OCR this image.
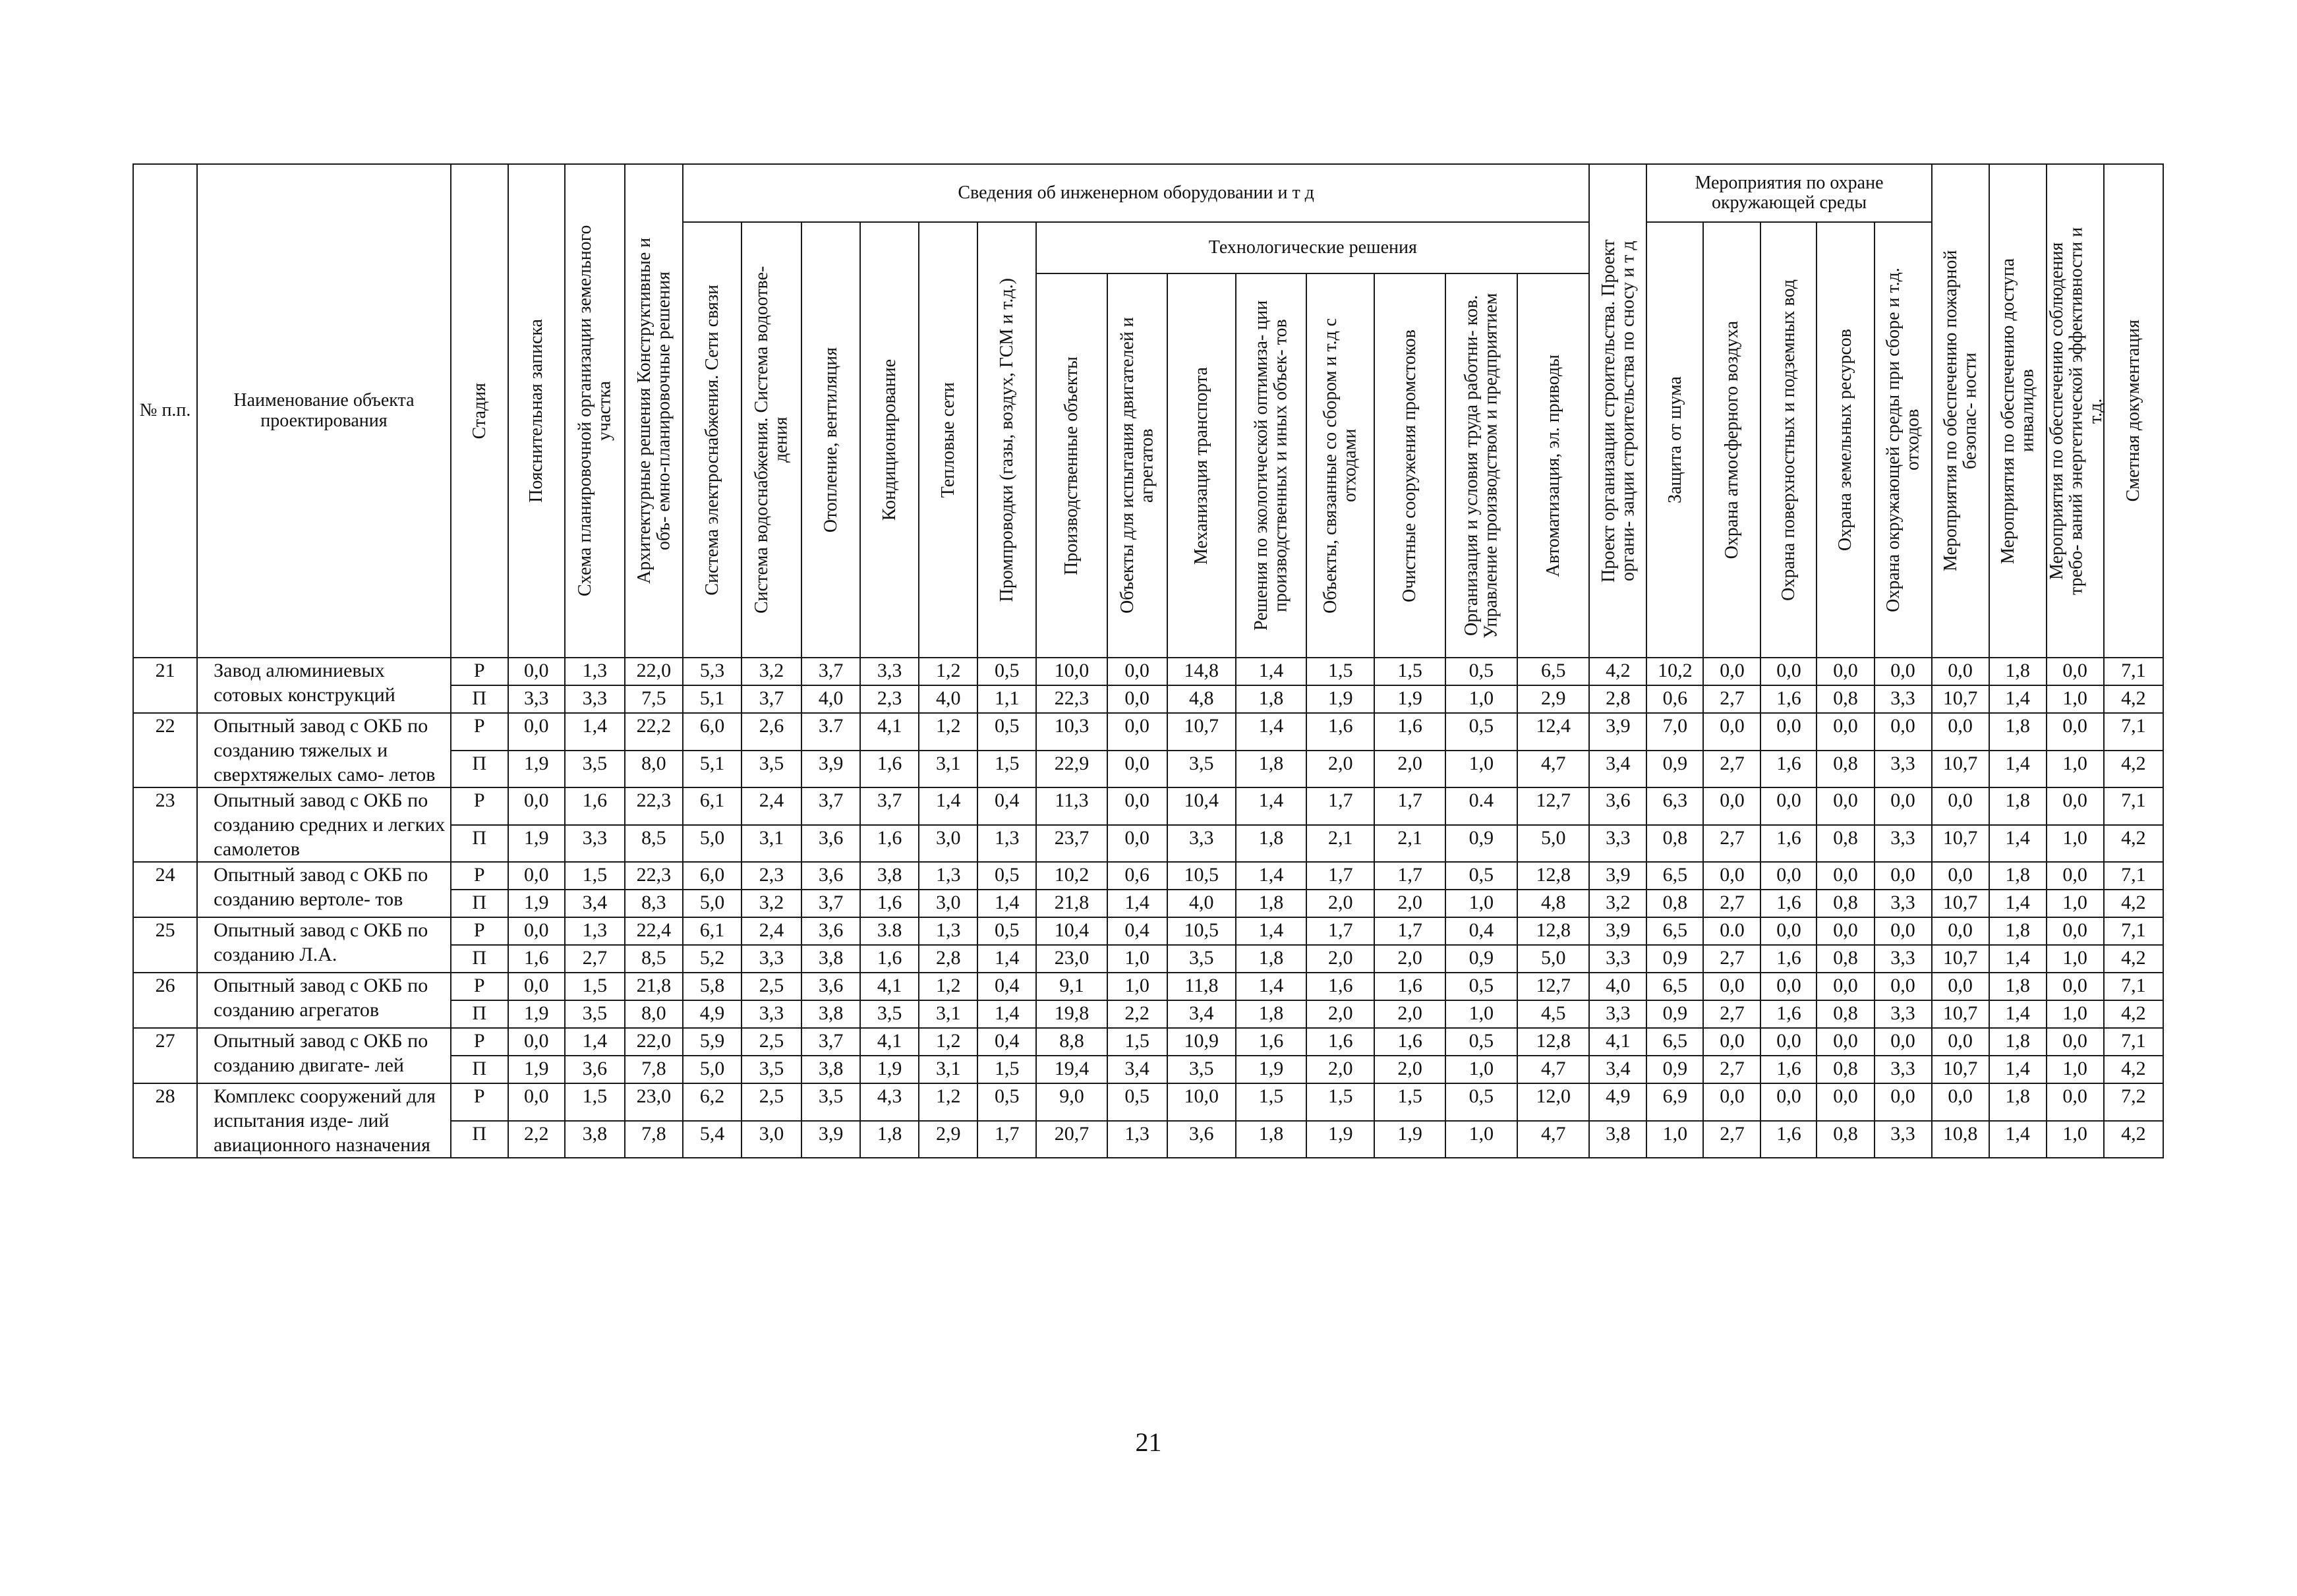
№ п.п.	Наименование объекта проектирования	Стадия	Пояснительная записка	Схема планировочной организации земельного участка	Архитектурные решения Конструктивные и объ- емно-планировочные решения	Сведения об инженерном оборудовании и т д														Проект организации строительства. Проект органи- зации строительства по сносу и т д	Мероприятия по охране окружающей среды					Мероприятия по обеспечению пожарной безопас- ности	Мероприятия по обеспечению доступа инвалидов	Мероприятия по обеспечению соблюдения требо- ваний энергетической эффективности и т.д.	Сметная документация

						Система электроснабжения. Сети связи	Система водоснабжения. Система водоотве- дения	Отопление, вентиляция	Кондиционирование	Тепловые сети	Промпроводки (газы, воздух, ГСМ и т.д.)	Технологические решения									Защита от шума	Охрана атмосферного воздуха	Охрана поверхностных и подземных вод	Охрана земельных ресурсов	Охрана окружающей среды при сборе и т.д. отходов				

												Производственные объекты	Объекты для испытания двигателей и агрегатов	Механизация транспорта	Решения по экологической оптимиза- ции производственных и иных объек- тов	Объекты, связанные со сбором и т.д с отходами	Очистные сооружения промстоков	Организация и условия труда работни- ков. Управление производством и предприятием	Автоматизация, эл. приводы										

21	Завод алюминиевых сотовых конструкций	Р	0,0	1,3	22,0	5,3	3,2	3,7	3,3	1,2	0,5	10,0	0,0	14,8	1,4	1,5	1,5	0,5	6,5	4,2	10,2	0,0	0,0	0,0	0,0	0,0	1,8	0,0	7,1
		П	3,3	3,3	7,5	5,1	3,7	4,0	2,3	4,0	1,1	22,3	0,0	4,8	1,8	1,9	1,9	1,0	2,9	2,8	0,6	2,7	1,6	0,8	3,3	10,7	1,4	1,0	4,2
22	Опытный завод с ОКБ по созданию тяжелых и сверхтяжелых само- летов	Р	0,0	1,4	22,2	6,0	2,6	3.7	4,1	1,2	0,5	10,3	0,0	10,7	1,4	1,6	1,6	0,5	12,4	3,9	7,0	0,0	0,0	0,0	0,0	0,0	1,8	0,0	7,1
		П	1,9	3,5	8,0	5,1	3,5	3,9	1,6	3,1	1,5	22,9	0,0	3,5	1,8	2,0	2,0	1,0	4,7	3,4	0,9	2,7	1,6	0,8	3,3	10,7	1,4	1,0	4,2
23	Опытный завод с ОКБ по созданию средних и легких самолетов	Р	0,0	1,6	22,3	6,1	2,4	3,7	3,7	1,4	0,4	11,3	0,0	10,4	1,4	1,7	1,7	0.4	12,7	3,6	6,3	0,0	0,0	0,0	0,0	0,0	1,8	0,0	7,1
		П	1,9	3,3	8,5	5,0	3,1	3,6	1,6	3,0	1,3	23,7	0,0	3,3	1,8	2,1	2,1	0,9	5,0	3,3	0,8	2,7	1,6	0,8	3,3	10,7	1,4	1,0	4,2
24	Опытный завод с ОКБ по созданию вертоле- тов	Р	0,0	1,5	22,3	6,0	2,3	3,6	3,8	1,3	0,5	10,2	0,6	10,5	1,4	1,7	1,7	0,5	12,8	3,9	6,5	0,0	0,0	0,0	0,0	0,0	1,8	0,0	7,1
		П	1,9	3,4	8,3	5,0	3,2	3,7	1,6	3,0	1,4	21,8	1,4	4,0	1,8	2,0	2,0	1,0	4,8	3,2	0,8	2,7	1,6	0,8	3,3	10,7	1,4	1,0	4,2
25	Опытный завод с ОКБ по созданию Л.А.	Р	0,0	1,3	22,4	6,1	2,4	3,6	3.8	1,3	0,5	10,4	0,4	10,5	1,4	1,7	1,7	0,4	12,8	3,9	6,5	0.0	0,0	0,0	0,0	0,0	1,8	0,0	7,1
		П	1,6	2,7	8,5	5,2	3,3	3,8	1,6	2,8	1,4	23,0	1,0	3,5	1,8	2,0	2,0	0,9	5,0	3,3	0,9	2,7	1,6	0,8	3,3	10,7	1,4	1,0	4,2
26	Опытный завод с ОКБ по созданию агрегатов	Р	0,0	1,5	21,8	5,8	2,5	3,6	4,1	1,2	0,4	9,1	1,0	11,8	1,4	1,6	1,6	0,5	12,7	4,0	6,5	0,0	0,0	0,0	0,0	0,0	1,8	0,0	7,1
		П	1,9	3,5	8,0	4,9	3,3	3,8	3,5	3,1	1,4	19,8	2,2	3,4	1,8	2,0	2,0	1,0	4,5	3,3	0,9	2,7	1,6	0,8	3,3	10,7	1,4	1,0	4,2
27	Опытный завод с ОКБ по созданию двигате- лей	Р	0,0	1,4	22,0	5,9	2,5	3,7	4,1	1,2	0,4	8,8	1,5	10,9	1,6	1,6	1,6	0,5	12,8	4,1	6,5	0,0	0,0	0,0	0,0	0,0	1,8	0,0	7,1
		П	1,9	3,6	7,8	5,0	3,5	3,8	1,9	3,1	1,5	19,4	3,4	3,5	1,9	2,0	2,0	1,0	4,7	3,4	0,9	2,7	1,6	0,8	3,3	10,7	1,4	1,0	4,2
28	Комплекс сооружений для испытания изде- лий авиационного назначения	Р	0,0	1,5	23,0	6,2	2,5	3,5	4,3	1,2	0,5	9,0	0,5	10,0	1,5	1,5	1,5	0,5	12,0	4,9	6,9	0,0	0,0	0,0	0,0	0,0	1,8	0,0	7,2
		П	2,2	3,8	7,8	5,4	3,0	3,9	1,8	2,9	1,7	20,7	1,3	3,6	1,8	1,9	1,9	1,0	4,7	3,8	1,0	2,7	1,6	0,8	3,3	10,8	1,4	1,0	4,2
21
